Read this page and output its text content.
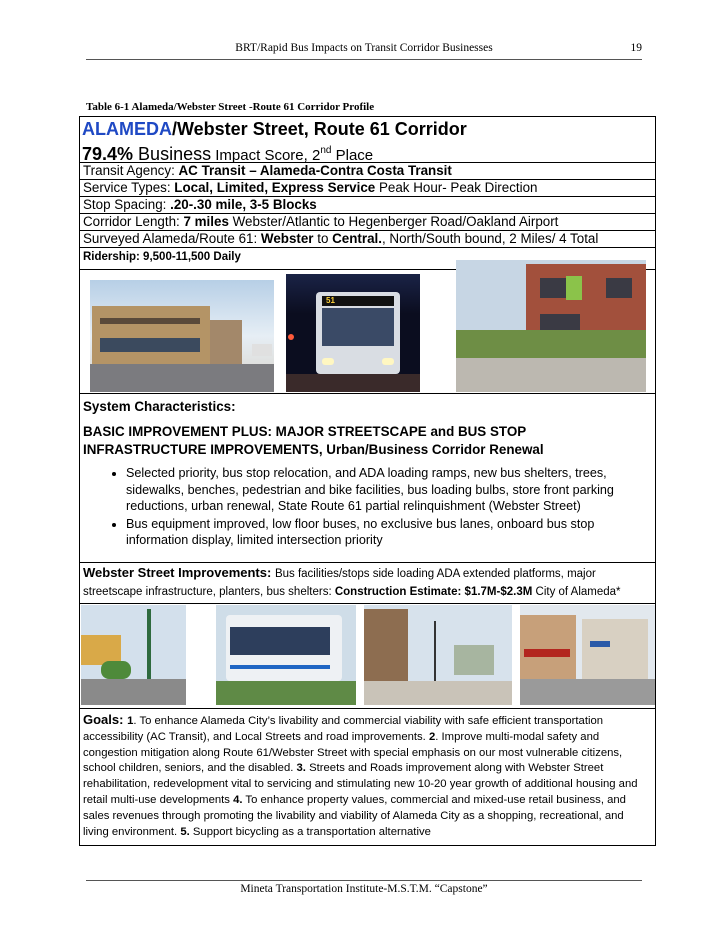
BRT/Rapid Bus Impacts on Transit Corridor Businesses	19
Table 6-1 Alameda/Webster Street -Route 61 Corridor Profile
ALAMEDA/Webster Street, Route 61 Corridor
79.4% Business Impact Score, 2nd Place
Transit Agency: AC Transit – Alameda-Contra Costa Transit
Service Types: Local, Limited, Express Service Peak Hour- Peak Direction
Stop Spacing: .20-.30 mile, 3-5 Blocks
Corridor Length: 7 miles Webster/Atlantic to Hegenberger Road/Oakland Airport
Surveyed Alameda/Route 61: Webster to Central., North/South bound, 2 Miles/ 4 Total
Ridership: 9,500-11,500 Daily
51
System Characteristics:
BASIC IMPROVEMENT PLUS: MAJOR STREETSCAPE and BUS STOP
INFRASTRUCTURE IMPROVEMENTS, Urban/Business Corridor Renewal
• Selected priority, bus stop relocation, and ADA loading ramps, new bus shelters, trees, sidewalks, benches, pedestrian and bike facilities, bus loading bulbs, store front parking reductions, urban renewal, State Route 61 partial relinquishment (Webster Street)
• Bus equipment improved, low floor buses, no exclusive bus lanes, onboard bus stop information display, limited intersection priority
Webster Street Improvements: Bus facilities/stops side loading ADA extended platforms, major streetscape infrastructure, planters, bus shelters: Construction Estimate: $1.7M-$2.3M City of Alameda*
Goals: 1. To enhance Alameda City’s livability and commercial viability with safe efficient transportation accessibility (AC Transit), and Local Streets and road improvements. 2. Improve multi-modal safety and congestion mitigation along Route 61/Webster Street with special emphasis on our most vulnerable citizens, school children, seniors, and the disabled. 3. Streets and Roads improvement along with Webster Street rehabilitation, redevelopment vital to servicing and stimulating new 10-20 year growth of additional housing and retail multi-use developments 4. To enhance property values, commercial and mixed-use retail business, and sales revenues through promoting the livability and viability of Alameda City as a shopping, recreational, and living environment. 5. Support bicycling as a transportation alternative
Mineta Transportation Institute-M.S.T.M. “Capstone”
